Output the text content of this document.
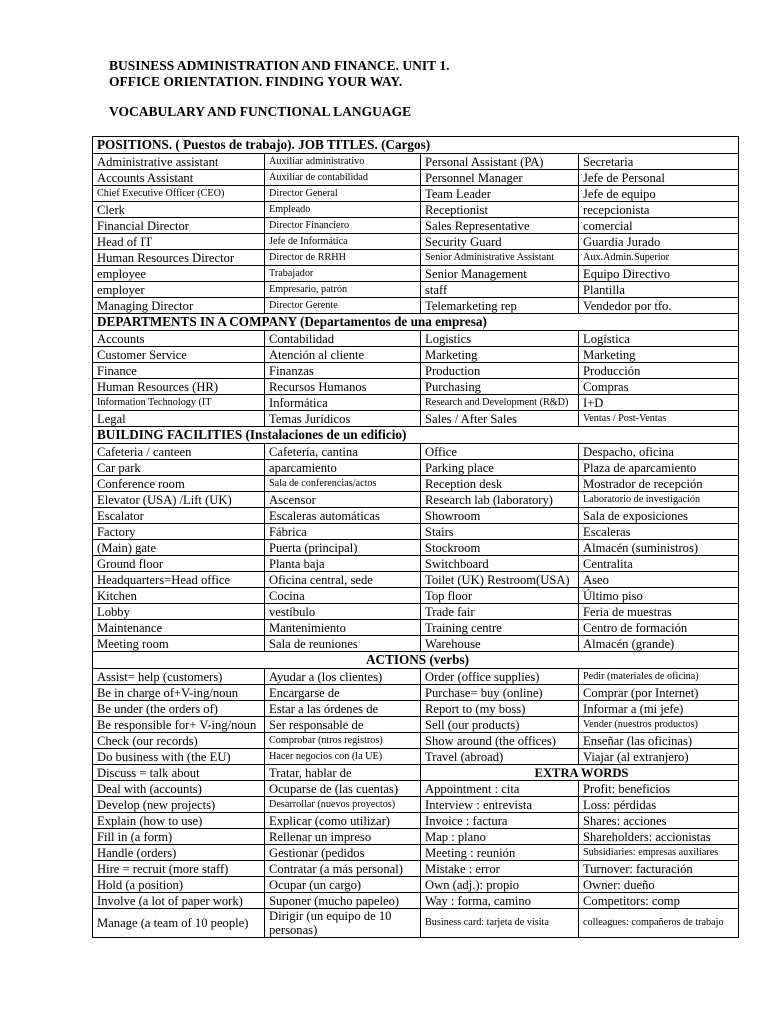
BUSINESS ADMINISTRATION AND FINANCE. UNIT 1.
OFFICE ORIENTATION. FINDING YOUR WAY.
VOCABULARY AND FUNCTIONAL LANGUAGE
POSITIONS. ( Puestos de trabajo). JOB TITLES. (Cargos)			
Administrative assistant	Auxiliar administrativo	Personal Assistant (PA)	Secretaria
Accounts Assistant	Auxiliar de contabilidad	Personnel Manager	Jefe de Personal
Chief Executive Officer (CEO)	Director General	Team Leader	Jefe de equipo
Clerk	Empleado	Receptionist	recepcionista
Financial Director	Director Financiero	Sales Representative	comercial
Head of IT	Jefe de Informática	Security Guard	Guardia Jurado
Human Resources Director	Director de RRHH	Senior Administrative Assistant	Aux.Admin.Superior
employee	Trabajador	Senior Management	Equipo Directivo
employer	Empresario, patrón	staff	Plantilla
Managing Director	Director Gerente	Telemarketing rep	Vendedor por tfo.
DEPARTMENTS IN A COMPANY (Departamentos de una empresa)			
Accounts	Contabilidad	Logistics	Logística
Customer Service	Atención al cliente	Marketing	Marketing
Finance	Finanzas	Production	Producción
Human Resources (HR)	Recursos Humanos	Purchasing	Compras
Information Technology (IT	Informática	Research and Development (R&D)	I+D
Legal	Temas Jurídicos	Sales / After Sales	Ventas / Post-Ventas
BUILDING FACILITIES (Instalaciones de un edificio)			
Cafeteria / canteen	Cafetería, cantina	Office	Despacho, oficina
Car park	aparcamiento	Parking place	Plaza de aparcamiento
Conference room	Sala de conferencias/actos	Reception desk	Mostrador de recepción
Elevator (USA) /Lift (UK)	Ascensor	Research lab (laboratory)	Laboratorio de investigación
Escalator	Escaleras automáticas	Showroom	Sala de exposiciones
Factory	Fábrica	Stairs	Escaleras
(Main) gate	Puerta (principal)	Stockroom	Almacén (suministros)
Ground floor	Planta baja	Switchboard	Centralita
Headquarters=Head office	Oficina central, sede	Toilet (UK) Restroom(USA)	Aseo
Kitchen	Cocina	Top floor	Último piso
Lobby	vestíbulo	Trade fair	Feria de muestras
Maintenance	Mantenimiento	Training centre	Centro de formación
Meeting room	Sala de reuniones	Warehouse	Almacén (grande)
ACTIONS (verbs)			
Assist= help (customers)	Ayudar a (los clientes)	Order (office supplies)	Pedir (materiales de oficina)
Be in charge of+V-ing/noun	Encargarse de	Purchase= buy (online)	Comprar (por Internet)
Be under (the orders of)	Estar a las órdenes de	Report to (my boss)	Informar a (mi jefe)
Be responsible for+ V-ing/noun	Ser responsable de	Sell (our products)	Vender (nuestros productos)
Check (our records)	Comprobar (ntros registros)	Show around (the offices)	Enseñar (las oficinas)
Do business with (the EU)	Hacer negocios con (la UE)	Travel (abroad)	Viajar (al extranjero)
Discuss = talk about	Tratar, hablar de	EXTRA WORDS	
Deal with (accounts)	Ocuparse de (las cuentas)	Appointment : cita	Profit: beneficios
Develop (new projects)	Desarrollar (nuevos proyectos)	Interview : entrevista	Loss: pérdidas
Explain (how to use)	Explicar (como utilizar)	Invoice : factura	Shares: acciones
Fill in (a form)	Rellenar un impreso	Map : plano	Shareholders: accionistas
Handle (orders)	Gestionar (pedidos	Meeting : reunión	Subsidiaries: empresas auxiliares
Hire = recruit (more staff)	Contratar (a más personal)	Mistake : error	Turnover: facturación
Hold (a position)	Ocupar (un cargo)	Own (adj.): propio	Owner: dueño
Involve (a lot of paper work)	Suponer (mucho papeleo)	Way : forma, camino	Competitors: comp
Manage (a team of 10 people)	Dirigir (un equipo de 10 personas)	Business card: tarjeta de visita	colleagues: compañeros de trabajo
